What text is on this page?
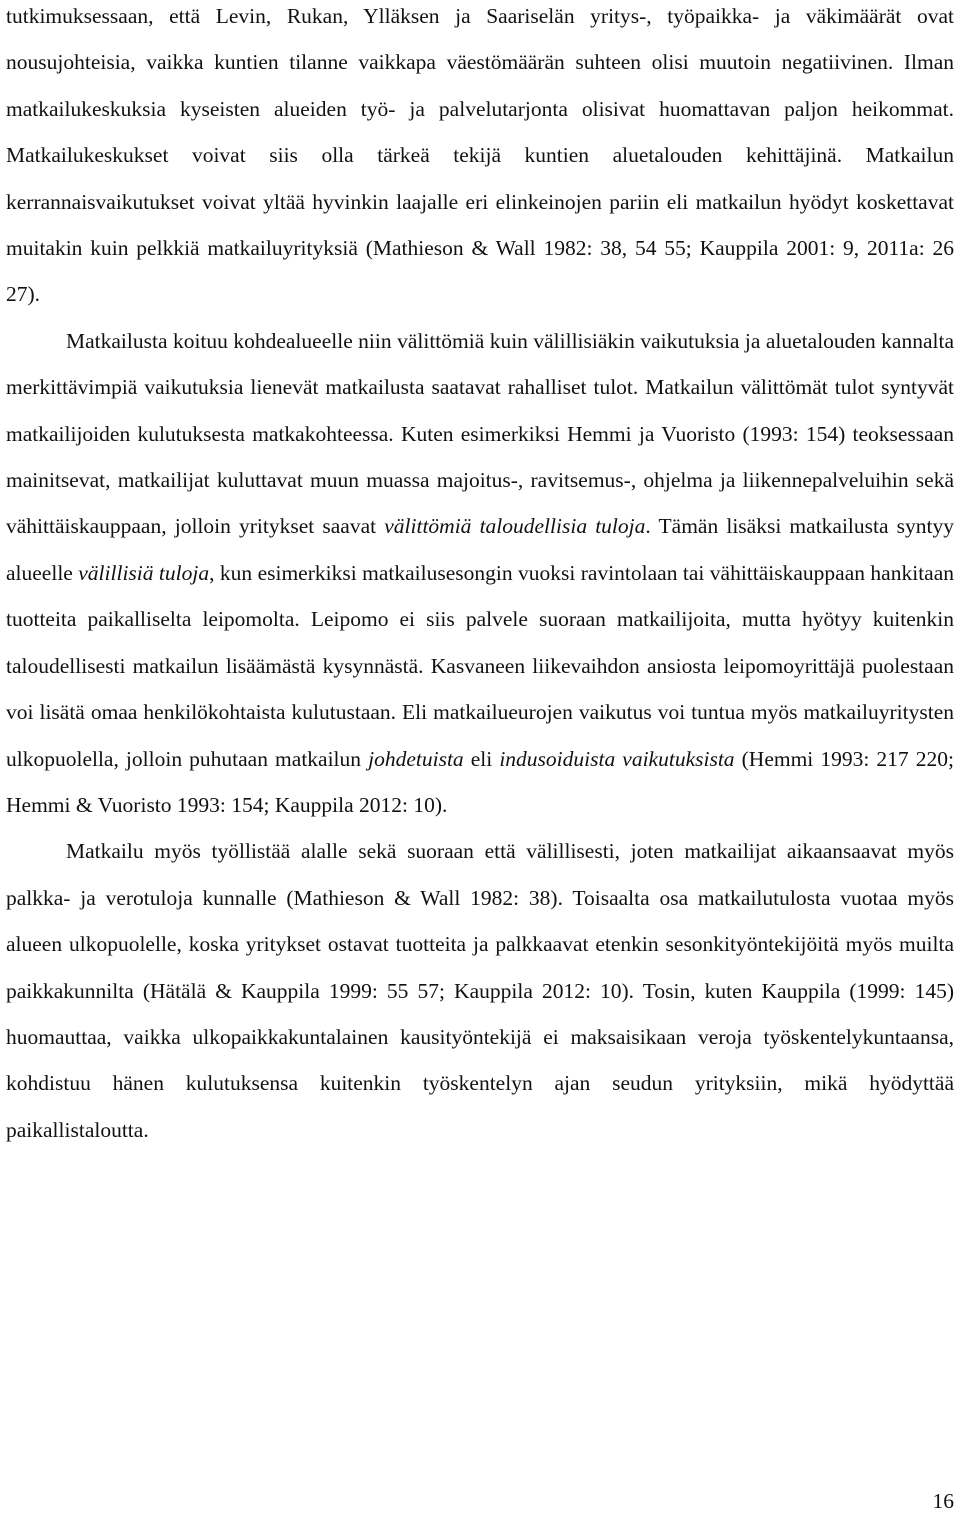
tutkimuksessaan, että Levin, Rukan, Ylläksen ja Saariselän yritys-, työpaikka- ja väkimäärät ovat nousujohteisia, vaikka kuntien tilanne vaikkapa väestömäärän suhteen olisi muutoin negatiivinen. Ilman matkailukeskuksia kyseisten alueiden työ- ja palvelutarjonta olisivat huomattavan paljon heikommat. Matkailukeskukset voivat siis olla tärkeä tekijä kuntien aluetalouden kehittäjinä. Matkailun kerrannaisvaikutukset voivat yltää hyvinkin laajalle eri elinkeinojen pariin eli matkailun hyödyt koskettavat muitakin kuin pelkkiä matkailuyrityksiä (Mathieson & Wall 1982: 38, 54 55; Kauppila 2001: 9, 2011a: 26 27).

Matkailusta koituu kohdealueelle niin välittömiä kuin välillisiäkin vaikutuksia ja aluetalouden kannalta merkittävimpiä vaikutuksia lienevät matkailusta saatavat rahalliset tulot. Matkailun välittömät tulot syntyvät matkailijoiden kulutuksesta matkakohteessa. Kuten esimerkiksi Hemmi ja Vuoristo (1993: 154) teoksessaan mainitsevat, matkailijat kuluttavat muun muassa majoitus-, ravitsemus-, ohjelma ja liikennepalveluihin sekä vähittäiskauppaan, jolloin yritykset saavat välittömiä taloudellisia tuloja. Tämän lisäksi matkailusta syntyy alueelle välillisiä tuloja, kun esimerkiksi matkailusesongin vuoksi ravintolaan tai vähittäiskauppaan hankitaan tuotteita paikalliselta leipomolta. Leipomo ei siis palvele suoraan matkailijoita, mutta hyötyy kuitenkin taloudellisesti matkailun lisäämästä kysynnästä. Kasvaneen liikevaihdon ansiosta leipomoyrittäjä puolestaan voi lisätä omaa henkilökohtaista kulutustaan. Eli matkailueurojen vaikutus voi tuntua myös matkailuyritysten ulkopuolella, jolloin puhutaan matkailun johdetuista eli indusoiduista vaikutuksista (Hemmi 1993: 217 220; Hemmi & Vuoristo 1993: 154; Kauppila 2012: 10).

Matkailu myös työllistää alalle sekä suoraan että välillisesti, joten matkailijat aikaansaavat myös palkka- ja verotuloja kunnalle (Mathieson & Wall 1982: 38). Toisaalta osa matkailutulosta vuotaa myös alueen ulkopuolelle, koska yritykset ostavat tuotteita ja palkkaavat etenkin sesonkityöntekijöitä myös muilta paikkakunnilta (Hätälä & Kauppila 1999: 55 57; Kauppila 2012: 10). Tosin, kuten Kauppila (1999: 145) huomauttaa, vaikka ulkopaikkakuntalainen kausityöntekijä ei maksaisikaan veroja työskentelykuntaansa, kohdistuu hänen kulutuksensa kuitenkin työskentelyn ajan seudun yrityksiin, mikä hyödyttää paikallistaloutta.

16
